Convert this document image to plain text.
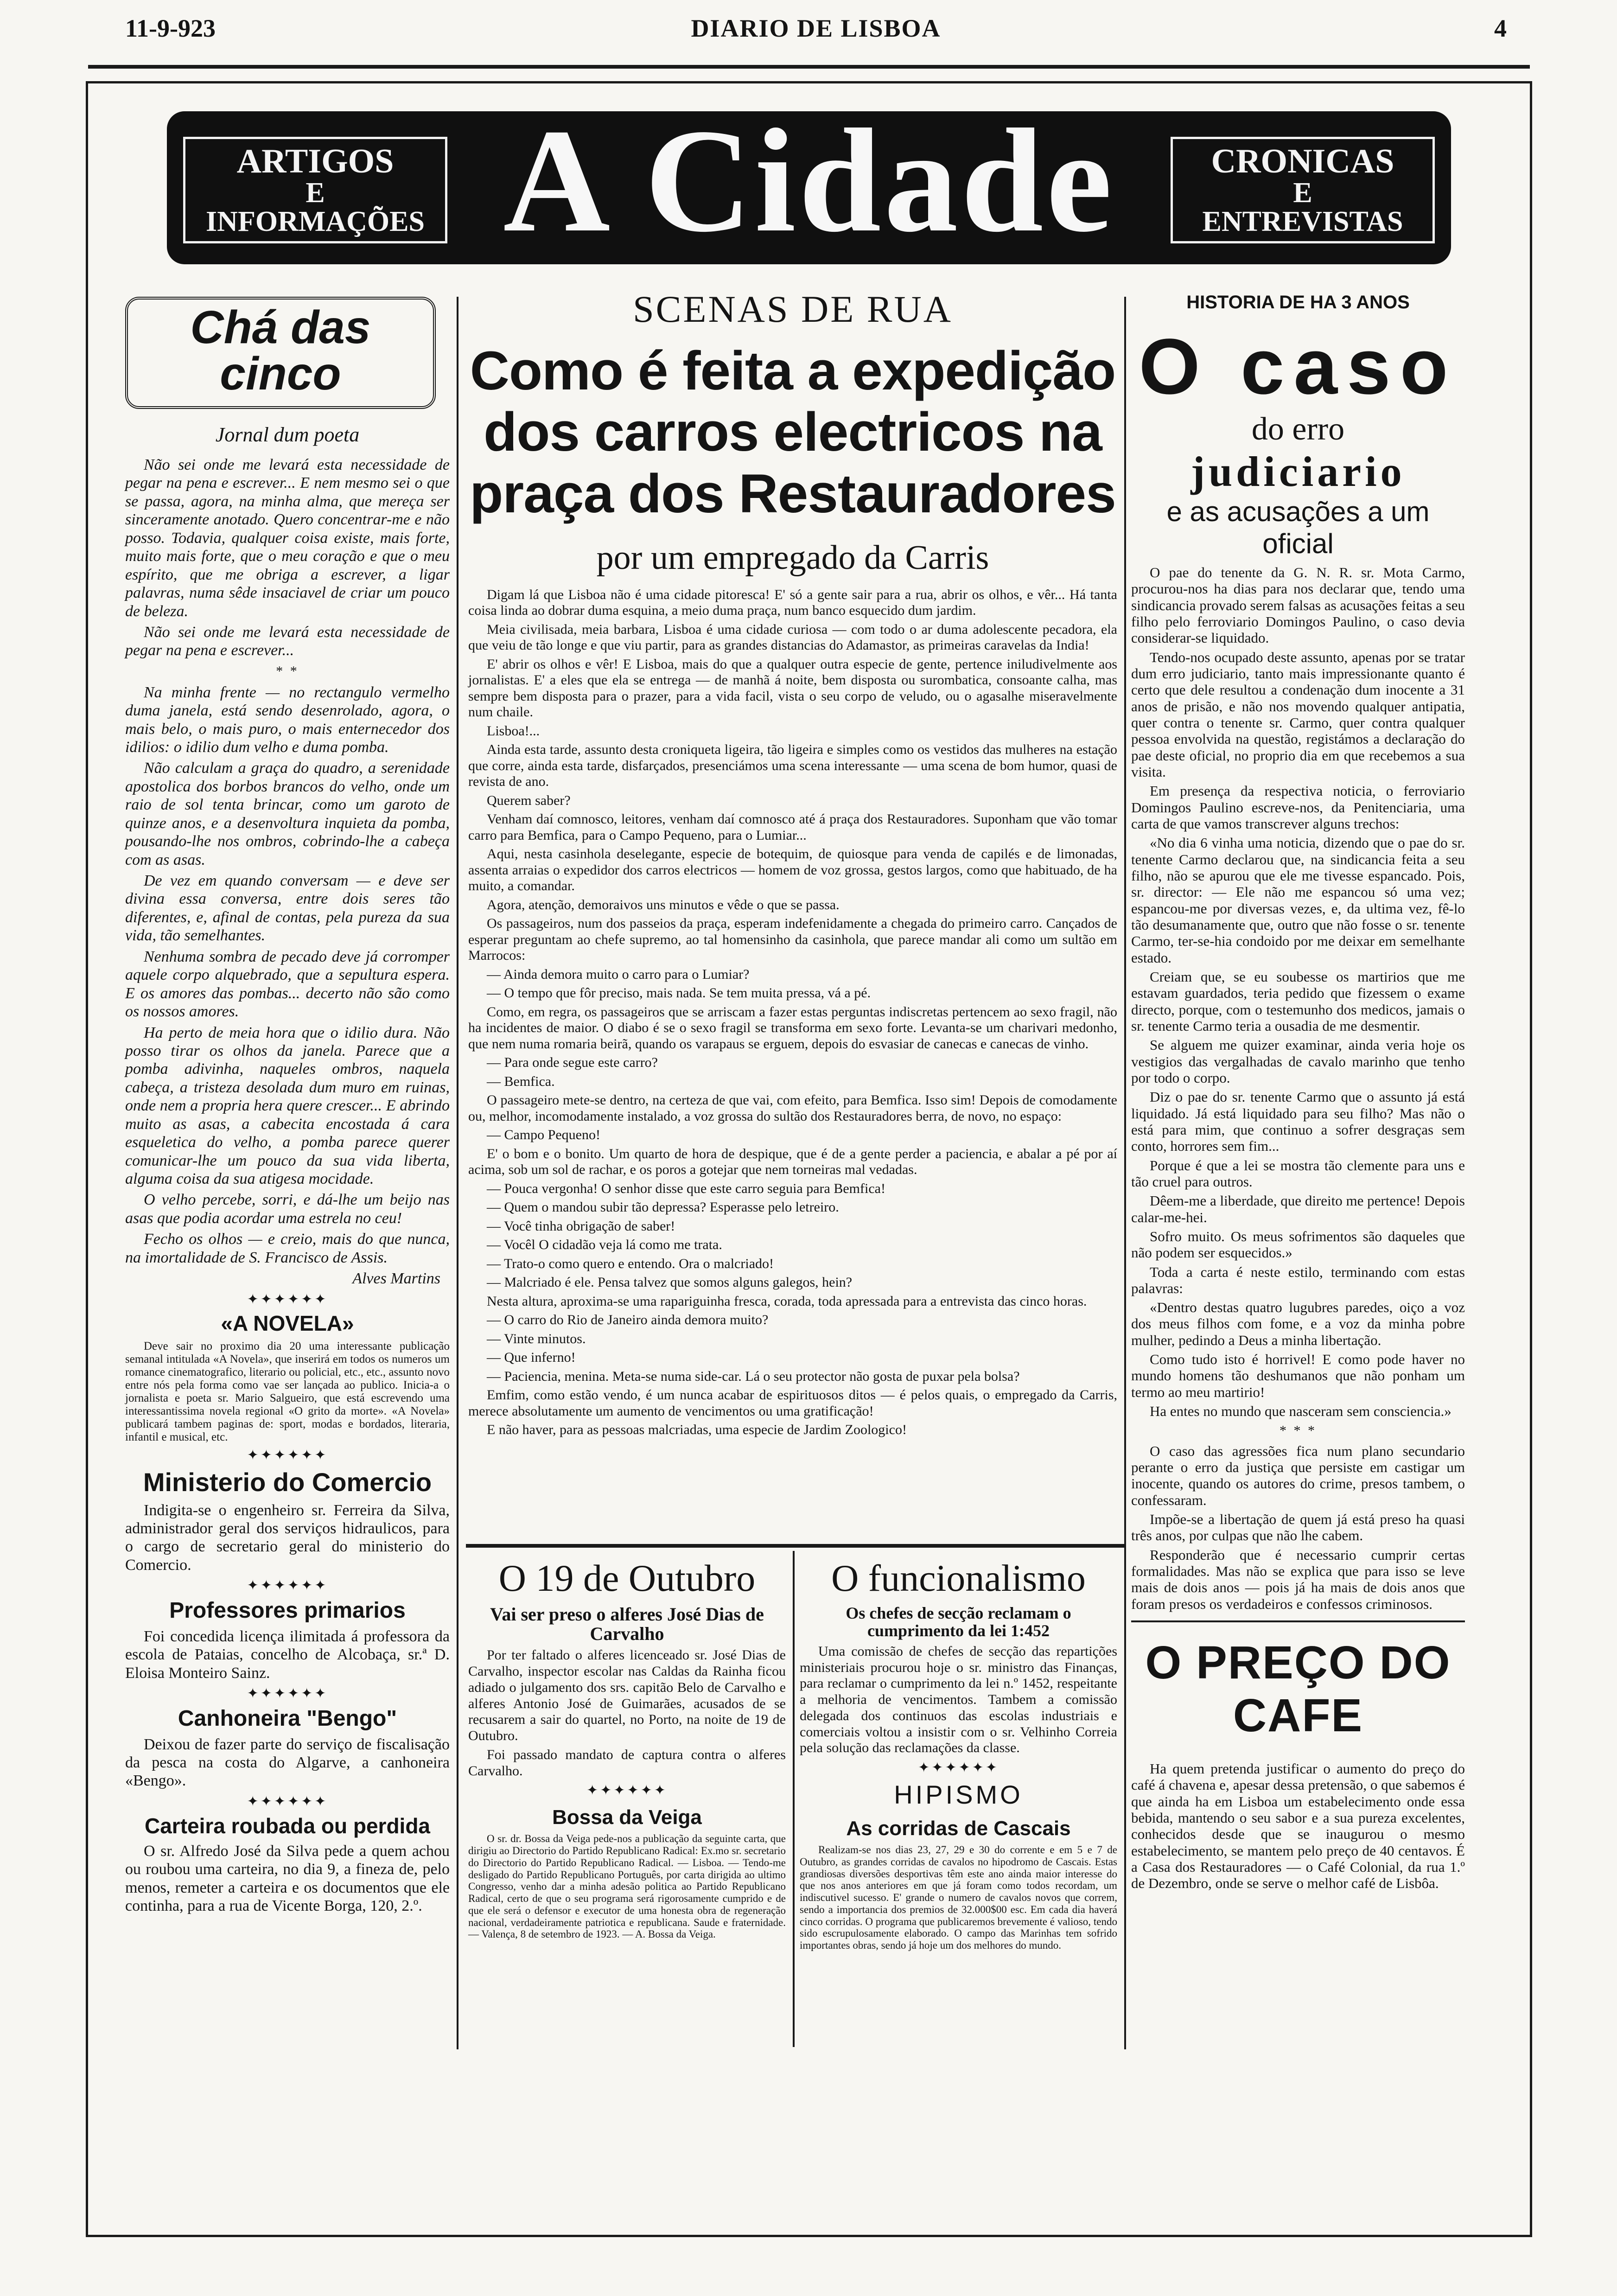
11-9-923	DIARIO DE LISBOA	4
ARTIGOS
E
INFORMAÇÕES A Cidade	CRONICAS
E
ENTREVISTAS
Chá das cinco

Jornal dum poeta

Não sei onde me levará esta necessidade de pegar na pena e escrever... E nem mesmo sei o que se passa, agora, na minha alma, que mereça ser sinceramente anotado. Quero concentrar-me e não posso. Todavia, qualquer coisa existe, mais forte, muito mais forte, que o meu coração e que o meu espírito, que me obriga a escrever, a ligar palavras, numa sêde insaciavel de criar um pouco de beleza.

Não sei onde me levará esta necessidade de pegar na pena e escrever...

* *

Na minha frente — no rectangulo vermelho duma janela, está sendo desenrolado, agora, o mais belo, o mais puro, o mais enternecedor dos idilios: o idilio dum velho e duma pomba.

Não calculam a graça do quadro, a serenidade apostolica dos borbos brancos do velho, onde um raio de sol tenta brincar, como um garoto de quinze anos, e a desenvoltura inquieta da pomba, pousando-lhe nos ombros, cobrindo-lhe a cabeça com as asas.

De vez em quando conversam — e deve ser divina essa conversa, entre dois seres tão diferentes, e, afinal de contas, pela pureza da sua vida, tão semelhantes.

Nenhuma sombra de pecado deve já corromper aquele corpo alquebrado, que a sepultura espera. E os amores das pombas... decerto não são como os nossos amores.

Ha perto de meia hora que o idilio dura. Não posso tirar os olhos da janela. Parece que a pomba adivinha, naqueles ombros, naquela cabeça, a tristeza desolada dum muro em ruinas, onde nem a propria hera quere crescer... E abrindo muito as asas, a cabecita encostada á cara esqueletica do velho, a pomba parece querer comunicar-lhe um pouco da sua vida liberta, alguma coisa da sua atigesa mocidade.

O velho percebe, sorri, e dá-lhe um beijo nas asas que podia acordar uma estrela no ceu!

Fecho os olhos — e creio, mais do que nunca, na imortalidade de S. Francisco de Assis.

Alves Martins

✦✦✦✦✦✦

«A NOVELA»

Deve sair no proximo dia 20 uma interessante publicação semanal intitulada «A Novela», que inserirá em todos os numeros um romance cinematografico, literario ou policial, etc., etc., assunto novo entre nós pela forma como vae ser lançada ao publico. Inicia-a o jornalista e poeta sr. Mario Salgueiro, que está escrevendo uma interessantissima novela regional «O grito da morte». «A Novela» publicará tambem paginas de: sport, modas e bordados, literaria, infantil e musical, etc.

✦✦✦✦✦✦

Ministerio do Comercio

Indigita-se o engenheiro sr. Ferreira da Silva, administrador geral dos serviços hidraulicos, para o cargo de secretario geral do ministerio do Comercio.

✦✦✦✦✦✦

Professores primarios

Foi concedida licença ilimitada á professora da escola de Pataias, concelho de Alcobaça, sr.ª D. Eloisa Monteiro Sainz.

✦✦✦✦✦✦

Canhoneira "Bengo"

Deixou de fazer parte do serviço de fiscalisação da pesca na costa do Algarve, a canhoneira «Bengo».

✦✦✦✦✦✦

Carteira roubada ou perdida

O sr. Alfredo José da Silva pede a quem achou ou roubou uma carteira, no dia 9, a fineza de, pelo menos, remeter a carteira e os documentos que ele continha, para a rua de Vicente Borga, 120, 2.º.

SCENAS DE RUA

Como é feita a expedição dos carros electricos na praça dos Restauradores

por um empregado da Carris

Digam lá que Lisboa não é uma cidade pitoresca! E' só a gente sair para a rua, abrir os olhos, e vêr... Há tanta coisa linda ao dobrar duma esquina, a meio duma praça, num banco esquecido dum jardim.

Meia civilisada, meia barbara, Lisboa é uma cidade curiosa — com todo o ar duma adolescente pecadora, ela que veiu de tão longe e que viu partir, para as grandes distancias do Adamastor, as primeiras caravelas da India!

E' abrir os olhos e vêr! E Lisboa, mais do que a qualquer outra especie de gente, pertence iniludivelmente aos jornalistas. E' a eles que ela se entrega — de manhã á noite, bem disposta ou surombatica, consoante calha, mas sempre bem disposta para o prazer, para a vida facil, vista o seu corpo de veludo, ou o agasalhe miseravelmente num chaile.

Lisboa!...

Ainda esta tarde, assunto desta croniqueta ligeira, tão ligeira e simples como os vestidos das mulheres na estação que corre, ainda esta tarde, disfarçados, presenciámos uma scena interessante — uma scena de bom humor, quasi de revista de ano.

Querem saber?

Venham daí comnosco, leitores, venham daí comnosco até á praça dos Restauradores. Suponham que vão tomar carro para Bemfica, para o Campo Pequeno, para o Lumiar...

Aqui, nesta casinhola deselegante, especie de botequim, de quiosque para venda de capilés e de limonadas, assenta arraias o expedidor dos carros electricos — homem de voz grossa, gestos largos, como que habituado, de ha muito, a comandar.

Agora, atenção, demoraivos uns minutos e vêde o que se passa.

Os passageiros, num dos passeios da praça, esperam indefenidamente a chegada do primeiro carro. Cançados de esperar preguntam ao chefe supremo, ao tal homensinho da casinhola, que parece mandar ali como um sultão em Marrocos:

— Ainda demora muito o carro para o Lumiar?

— O tempo que fôr preciso, mais nada. Se tem muita pressa, vá a pé.

Como, em regra, os passageiros que se arriscam a fazer estas perguntas indiscretas pertencem ao sexo fragil, não ha incidentes de maior. O diabo é se o sexo fragil se transforma em sexo forte. Levanta-se um charivari medonho, que nem numa romaria beirã, quando os varapaus se erguem, depois do esvasiar de canecas e canecas de vinho.

— Para onde segue este carro?

— Bemfica.

O passageiro mete-se dentro, na certeza de que vai, com efeito, para Bemfica. Isso sim! Depois de comodamente ou, melhor, incomodamente instalado, a voz grossa do sultão dos Restauradores berra, de novo, no espaço:

— Campo Pequeno!

E' o bom e o bonito. Um quarto de hora de despique, que é de a gente perder a paciencia, e abalar a pé por aí acima, sob um sol de rachar, e os poros a gotejar que nem torneiras mal vedadas.

— Pouca vergonha! O senhor disse que este carro seguia para Bemfica!

— Quem o mandou subir tão depressa? Esperasse pelo letreiro.

— Você tinha obrigação de saber!

— Vocêl O cidadão veja lá como me trata.

— Trato-o como quero e entendo. Ora o malcriado!

— Malcriado é ele. Pensa talvez que somos alguns galegos, hein?

Nesta altura, aproxima-se uma rapariguinha fresca, corada, toda apressada para a entrevista das cinco horas.

— O carro do Rio de Janeiro ainda demora muito?

— Vinte minutos.

— Que inferno!

— Paciencia, menina. Meta-se numa side-car. Lá o seu protector não gosta de puxar pela bolsa?

Emfim, como estão vendo, é um nunca acabar de espirituosos ditos — é pelos quais, o empregado da Carris, merece absolutamente um aumento de vencimentos ou uma gratificação!

E não haver, para as pessoas malcriadas, uma especie de Jardim Zoologico!

O 19 de Outubro

Vai ser preso o alferes José Dias de Carvalho

Por ter faltado o alferes licenceado sr. José Dias de Carvalho, inspector escolar nas Caldas da Rainha ficou adiado o julgamento dos srs. capitão Belo de Carvalho e alferes Antonio José de Guimarães, acusados de se recusarem a sair do quartel, no Porto, na noite de 19 de Outubro.

Foi passado mandato de captura contra o alferes Carvalho.

✦✦✦✦✦✦

Bossa da Veiga

O sr. dr. Bossa da Veiga pede-nos a publicação da seguinte carta, que dirigiu ao Directorio do Partido Republicano Radical: Ex.mo sr. secretario do Directorio do Partido Republicano Radical. — Lisboa. — Tendo-me desligado do Partido Republicano Português, por carta dirigida ao ultimo Congresso, venho dar a minha adesão politica ao Partido Republicano Radical, certo de que o seu programa será rigorosamente cumprido e de que ele será o defensor e executor de uma honesta obra de regeneração nacional, verdadeiramente patriotica e republicana. Saude e fraternidade. — Valença, 8 de setembro de 1923. — A. Bossa da Veiga.

O funcionalismo

Os chefes de secção reclamam o cumprimento da lei 1:452

Uma comissão de chefes de secção das repartições ministeriais procurou hoje o sr. ministro das Finanças, para reclamar o cumprimento da lei n.º 1452, respeitante a melhoria de vencimentos. Tambem a comissão delegada dos continuos das escolas industriais e comerciais voltou a insistir com o sr. Velhinho Correia pela solução das reclamações da classe.

✦✦✦✦✦✦

HIPISMO

As corridas de Cascais

Realizam-se nos dias 23, 27, 29 e 30 do corrente e em 5 e 7 de Outubro, as grandes corridas de cavalos no hipodromo de Cascais. Estas grandiosas diversões desportivas têm este ano ainda maior interesse do que nos anos anteriores em que já foram como todos recordam, um indiscutivel sucesso. E' grande o numero de cavalos novos que correm, sendo a importancia dos premios de 32.000$00 esc. Em cada dia haverá cinco corridas. O programa que publicaremos brevemente é valioso, tendo sido escrupulosamente elaborado. O campo das Marinhas tem sofrido importantes obras, sendo já hoje um dos melhores do mundo.

HISTORIA DE HA 3 ANOS

O caso

do erro

judiciario

e as acusações a um oficial

O pae do tenente da G. N. R. sr. Mota Carmo, procurou-nos ha dias para nos declarar que, tendo uma sindicancia provado serem falsas as acusações feitas a seu filho pelo ferroviario Domingos Paulino, o caso devia considerar-se liquidado.

Tendo-nos ocupado deste assunto, apenas por se tratar dum erro judiciario, tanto mais impressionante quanto é certo que dele resultou a condenação dum inocente a 31 anos de prisão, e não nos movendo qualquer antipatia, quer contra o tenente sr. Carmo, quer contra qualquer pessoa envolvida na questão, registámos a declaração do pae deste oficial, no proprio dia em que recebemos a sua visita.

Em presença da respectiva noticia, o ferroviario Domingos Paulino escreve-nos, da Penitenciaria, uma carta de que vamos transcrever alguns trechos:

«No dia 6 vinha uma noticia, dizendo que o pae do sr. tenente Carmo declarou que, na sindicancia feita a seu filho, não se apurou que ele me tivesse espancado. Pois, sr. director: — Ele não me espancou só uma vez; espancou-me por diversas vezes, e, da ultima vez, fê-lo tão desumanamente que, outro que não fosse o sr. tenente Carmo, ter-se-hia condoido por me deixar em semelhante estado.

Creiam que, se eu soubesse os martirios que me estavam guardados, teria pedido que fizessem o exame directo, porque, com o testemunho dos medicos, jamais o sr. tenente Carmo teria a ousadia de me desmentir.

Se alguem me quizer examinar, ainda veria hoje os vestigios das vergalhadas de cavalo marinho que tenho por todo o corpo.

Diz o pae do sr. tenente Carmo que o assunto já está liquidado. Já está liquidado para seu filho? Mas não o está para mim, que continuo a sofrer desgraças sem conto, horrores sem fim...

Porque é que a lei se mostra tão clemente para uns e tão cruel para outros.

Dêem-me a liberdade, que direito me pertence! Depois calar-me-hei.

Sofro muito. Os meus sofrimentos são daqueles que não podem ser esquecidos.»

Toda a carta é neste estilo, terminando com estas palavras:

«Dentro destas quatro lugubres paredes, oiço a voz dos meus filhos com fome, e a voz da minha pobre mulher, pedindo a Deus a minha libertação.

Como tudo isto é horrivel! E como pode haver no mundo homens tão deshumanos que não ponham um termo ao meu martirio!

Ha entes no mundo que nasceram sem consciencia.»

* * *

O caso das agressões fica num plano secundario perante o erro da justiça que persiste em castigar um inocente, quando os autores do crime, presos tambem, o confessaram.

Impõe-se a libertação de quem já está preso ha quasi três anos, por culpas que não lhe cabem.

Responderão que é necessario cumprir certas formalidades. Mas não se explica que para isso se leve mais de dois anos — pois já ha mais de dois anos que foram presos os verdadeiros e confessos criminosos.

O PREÇO DO CAFE

Ha quem pretenda justificar o aumento do preço do café á chavena e, apesar dessa pretensão, o que sabemos é que ainda ha em Lisboa um estabelecimento onde essa bebida, mantendo o seu sabor e a sua pureza excelentes, conhecidos desde que se inaugurou o mesmo estabelecimento, se mantem pelo preço de 40 centavos. É a Casa dos Restauradores — o Café Colonial, da rua 1.º de Dezembro, onde se serve o melhor café de Lisbôa.
